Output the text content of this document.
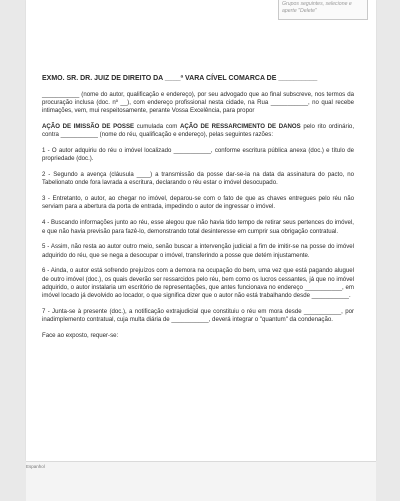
Grupos seguintes, selecione e
aperte "Delete"

EXMO. SR. DR. JUIZ DE DIREITO DA ____ª VARA CÍVEL COMARCA DE __________

___________ (nome do autor, qualificação e endereço), por seu advogado que ao final subscreve, nos termos da procuração inclusa (doc. nº __), com endereço profissional nesta cidade, na Rua ___________, no qual recebe intimações, vem, mui respeitosamente, perante Vossa Excelência, para propor

AÇÃO DE IMISSÃO DE POSSE cumulada com AÇÃO DE RESSARCIMENTO DE DANOS pelo rito ordinário, contra ___________ (nome do réu, qualificação e endereço), pelas seguintes razões:

1 - O autor adquiriu do réu o imóvel localizado ___________, conforme escritura pública anexa (doc.) e título de propriedade (doc.).

2 - Segundo a avença (cláusula ____) a transmissão da posse dar-se-ia na data da assinatura do pacto, no Tabelionato onde fora lavrada a escritura, declarando o réu estar o imóvel desocupado.

3 - Entretanto, o autor, ao chegar no imóvel, deparou-se com o fato de que as chaves entregues pelo réu não serviam para a abertura da porta de entrada, impedindo o autor de ingressar o imóvel.

4 - Buscando informações junto ao réu, esse alegou que não havia tido tempo de retirar seus pertences do imóvel, e que não havia previsão para fazê-lo, demonstrando total desinteresse em cumprir sua obrigação contratual.

5 - Assim, não resta ao autor outro meio, senão buscar a intervenção judicial a fim de imitir-se na posse do imóvel adquirido do réu, que se nega a desocupar o imóvel, transferindo a posse que detém injustamente.

6 - Ainda, o autor está sofrendo prejuízos com a demora na ocupação do bem, uma vez que está pagando aluguel de outro imóvel (doc.), os quais deverão ser ressarcidos pelo réu, bem como os lucros cessantes, já que no imóvel adquirido, o autor instalaria um escritório de representações, que antes funcionava no endereço ___________, em imóvel locado já devolvido ao locador, o que significa dizer que o autor não está trabalhando desde ___________.

7 - Junta-se à presente (doc.), a notificação extrajudicial que constituiu o réu em mora desde ___________, por inadimplemento contratual, cuja multa diária de ___________, deverá integrar o "quantum" da condenação.

Face ao exposto, requer-se:

Espanhol
